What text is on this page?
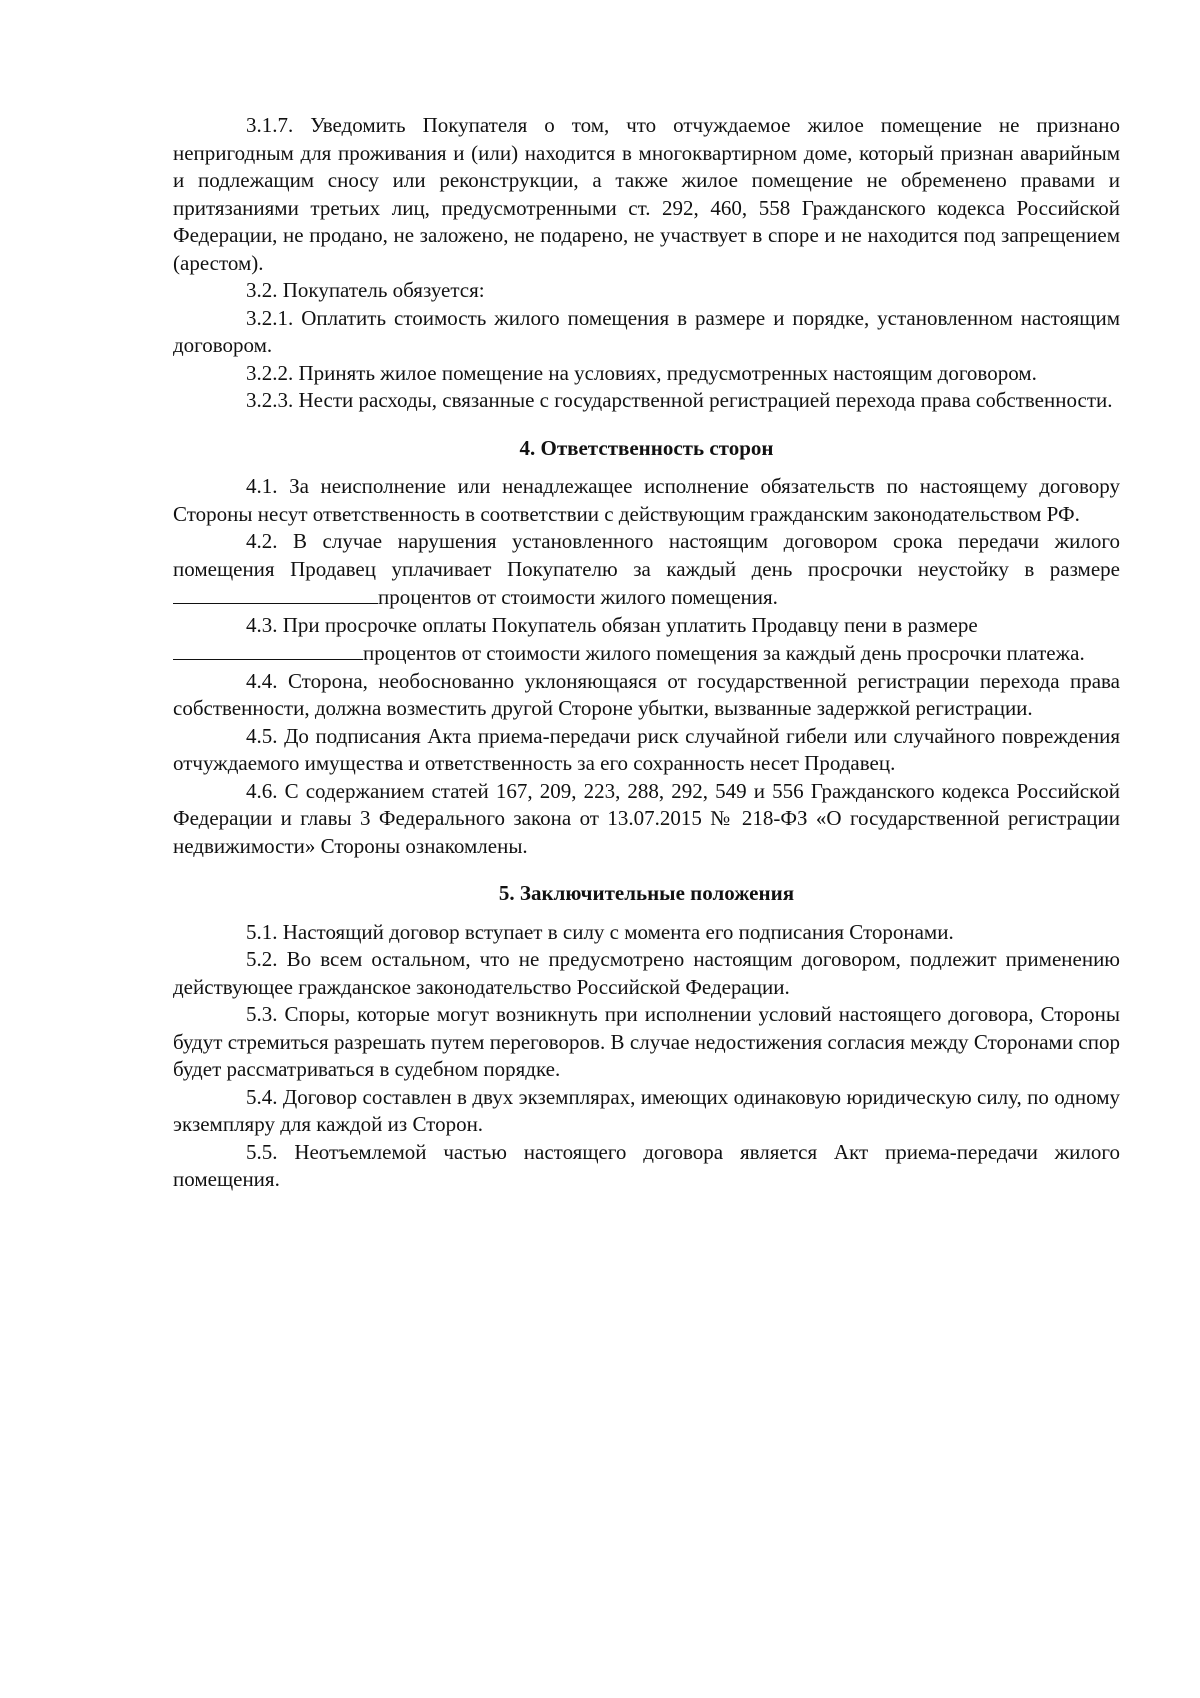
3.1.7. Уведомить Покупателя о том, что отчуждаемое жилое помещение не признано непригодным для проживания и (или) находится в многоквартирном доме, который признан аварийным и подлежащим сносу или реконструкции, а также жилое помещение не обременено правами и притязаниями третьих лиц, предусмотренными ст. 292, 460, 558 Гражданского кодекса Российской Федерации, не продано, не заложено, не подарено, не участвует в споре и не находится под запрещением (арестом).

3.2. Покупатель обязуется:

3.2.1. Оплатить стоимость жилого помещения в размере и порядке, установленном настоящим договором.

3.2.2. Принять жилое помещение на условиях, предусмотренных настоящим договором.

3.2.3. Нести расходы, связанные с государственной регистрацией перехода права собственности.

4. Ответственность сторон

4.1. За неисполнение или ненадлежащее исполнение обязательств по настоящему договору Стороны несут ответственность в соответствии с действующим гражданским законодательством РФ.

4.2. В случае нарушения установленного настоящим договором срока передачи жилого помещения Продавец уплачивает Покупателю за каждый день просрочки неустойку в размере процентов от стоимости жилого помещения.

4.3. При просрочке оплаты Покупатель обязан уплатить Продавцу пени в размере

процентов от стоимости жилого помещения за каждый день просрочки платежа.

4.4. Сторона, необоснованно уклоняющаяся от государственной регистрации перехода права собственности, должна возместить другой Стороне убытки, вызванные задержкой регистрации.

4.5. До подписания Акта приема-передачи риск случайной гибели или случайного повреждения отчуждаемого имущества и ответственность за его сохранность несет Продавец.

4.6. С содержанием статей 167, 209, 223, 288, 292, 549 и 556 Гражданского кодекса Российской Федерации и главы 3 Федерального закона от 13.07.2015 № 218-ФЗ «О государственной регистрации недвижимости» Стороны ознакомлены.

5. Заключительные положения

5.1. Настоящий договор вступает в силу с момента его подписания Сторонами.

5.2. Во всем остальном, что не предусмотрено настоящим договором, подлежит применению действующее гражданское законодательство Российской Федерации.

5.3. Споры, которые могут возникнуть при исполнении условий настоящего договора, Стороны будут стремиться разрешать путем переговоров. В случае недостижения согласия между Сторонами спор будет рассматриваться в судебном порядке.

5.4. Договор составлен в двух экземплярах, имеющих одинаковую юридическую силу, по одному экземпляру для каждой из Сторон.

5.5. Неотъемлемой частью настоящего договора является Акт приема-передачи жилого помещения.
